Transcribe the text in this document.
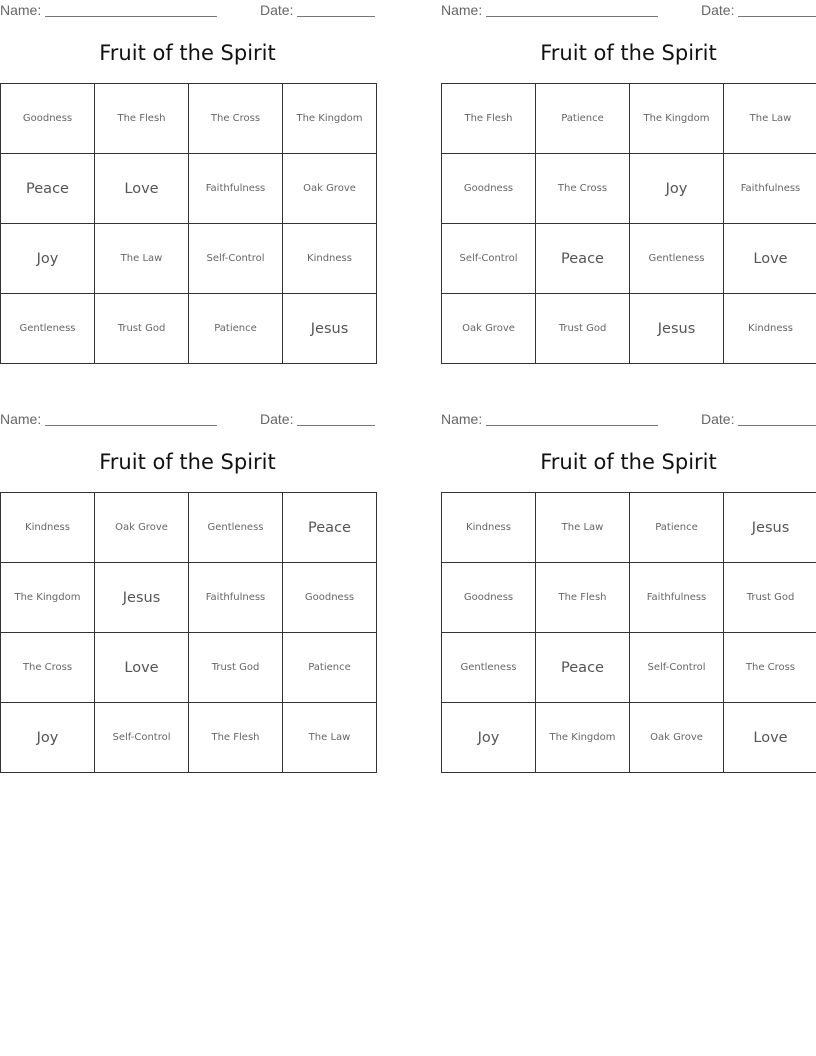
Name:	Date:
Fruit of the Spirit
Goodness	The Flesh	The Cross	The Kingdom
Peace	Love	Faithfulness	Oak Grove
Joy	The Law	Self-Control	Kindness
Gentleness	Trust God	Patience	Jesus
Name:	Date:
Fruit of the Spirit
The Flesh	Patience	The Kingdom	The Law
Goodness	The Cross	Joy	Faithfulness
Self-Control	Peace	Gentleness	Love
Oak Grove	Trust God	Jesus	Kindness
Name:	Date:
Fruit of the Spirit
Kindness	Oak Grove	Gentleness	Peace
The Kingdom	Jesus	Faithfulness	Goodness
The Cross	Love	Trust God	Patience
Joy	Self-Control	The Flesh	The Law
Name:	Date:
Fruit of the Spirit
Kindness	The Law	Patience	Jesus
Goodness	The Flesh	Faithfulness	Trust God
Gentleness	Peace	Self-Control	The Cross
Joy	The Kingdom	Oak Grove	Love
